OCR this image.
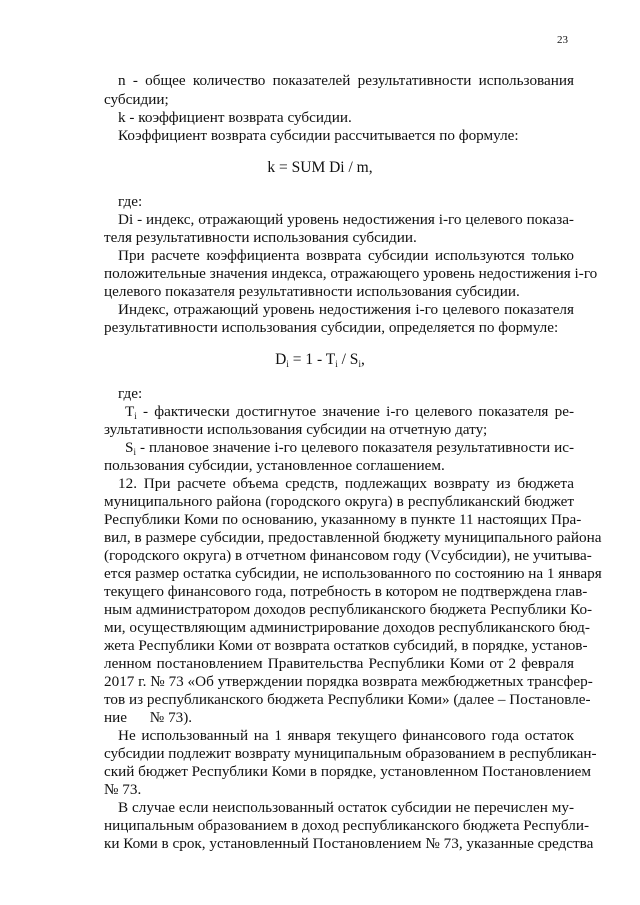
23
n - общее количество показателей результативности использования
субсидии;
k - коэффициент возврата субсидии.
Коэффициент возврата субсидии рассчитывается по формуле:
k = SUM Di / m,
где:
Di - индекс, отражающий уровень недостижения i-го целевого показа-
теля результативности использования субсидии.
При расчете коэффициента возврата субсидии используются только
положительные значения индекса, отражающего уровень недостижения i-го
целевого показателя результативности использования субсидии.
Индекс, отражающий уровень недостижения i-го целевого показателя
результативности использования субсидии, определяется по формуле:
Di = 1 - Ti / Si,
где:
Ti - фактически достигнутое значение i-го целевого показателя ре-
зультативности использования субсидии на отчетную дату;
Si - плановое значение i-го целевого показателя результативности ис-
пользования субсидии, установленное соглашением.
12. При расчете объема средств, подлежащих возврату из бюджета
муниципального района (городского округа) в республиканский бюджет
Республики Коми по основанию, указанному в пункте 11 настоящих Пра-
вил, в размере субсидии, предоставленной бюджету муниципального района
(городского округа) в отчетном финансовом году (Vсубсидии), не учитыва-
ется размер остатка субсидии, не использованного по состоянию на 1 января
текущего финансового года, потребность в котором не подтверждена глав-
ным администратором доходов республиканского бюджета Республики Ко-
ми, осуществляющим администрирование доходов республиканского бюд-
жета Республики Коми от возврата остатков субсидий, в порядке, установ-
ленном постановлением Правительства Республики Коми от 2 февраля
2017 г. № 73 «Об утверждении порядка возврата межбюджетных трансфер-
тов из республиканского бюджета Республики Коми» (далее – Постановле-
ние      № 73).
Не использованный на 1 января текущего финансового года остаток
субсидии подлежит возврату муниципальным образованием в республикан-
ский бюджет Республики Коми в порядке, установленном Постановлением
№ 73.
В случае если неиспользованный остаток субсидии не перечислен му-
ниципальным образованием в доход республиканского бюджета Республи-
ки Коми в срок, установленный Постановлением № 73, указанные средства
